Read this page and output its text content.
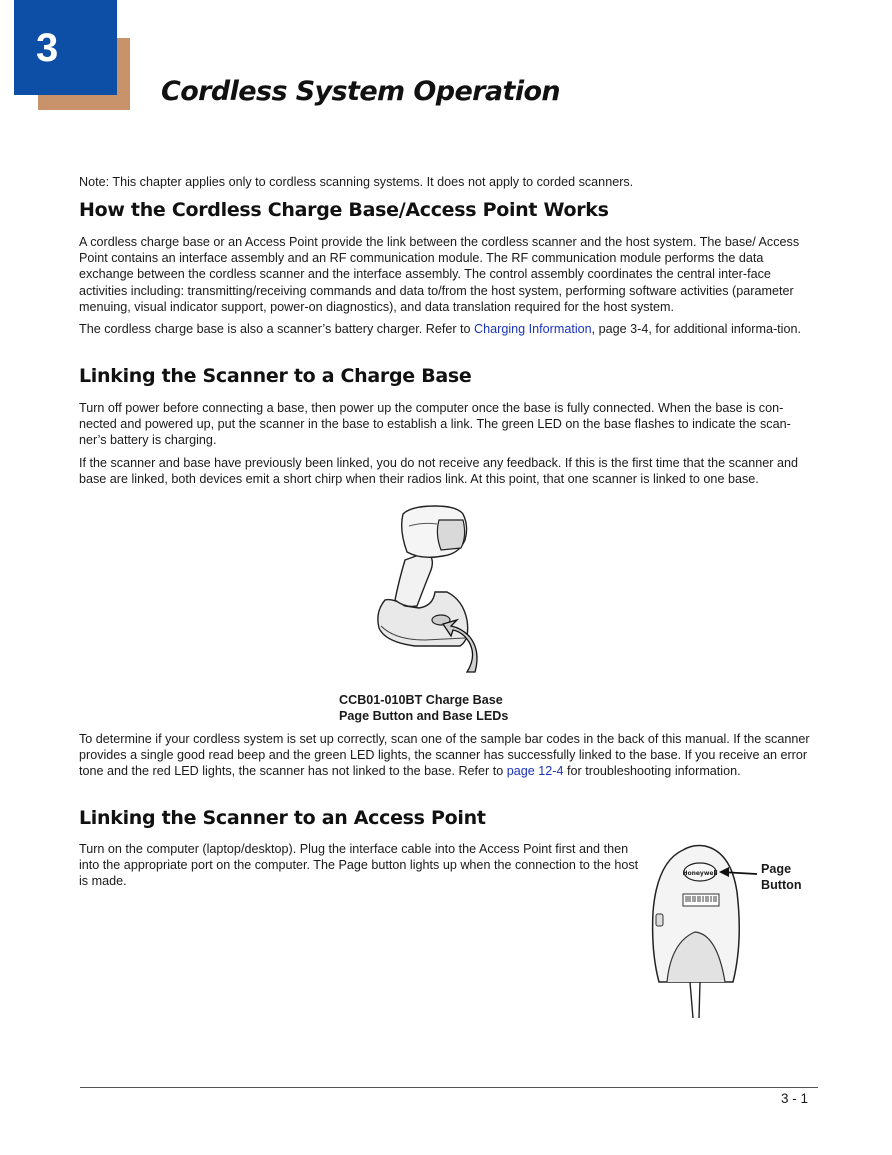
3
Cordless System Operation

Note: This chapter applies only to cordless scanning systems. It does not apply to corded scanners.

How the Cordless Charge Base/Access Point Works

A cordless charge base or an Access Point provide the link between the cordless scanner and the host system. The base/ Access Point contains an interface assembly and an RF communication module. The RF communication module performs the data exchange between the cordless scanner and the interface assembly. The control assembly coordinates the central inter-face activities including: transmitting/receiving commands and data to/from the host system, performing software activities (parameter menuing, visual indicator support, power-on diagnostics), and data translation required for the host system.

The cordless charge base is also a scanner’s battery charger. Refer to Charging Information, page 3-4, for additional informa-tion.

Linking the Scanner to a Charge Base

Turn off power before connecting a base, then power up the computer once the base is fully connected. When the base is con-nected and powered up, put the scanner in the base to establish a link. The green LED on the base flashes to indicate the scan-ner’s battery is charging.

If the scanner and base have previously been linked, you do not receive any feedback. If this is the first time that the scanner and base are linked, both devices emit a short chirp when their radios link. At this point, that one scanner is linked to one base.

CCB01-010BT Charge Base
Page Button and Base LEDs

To determine if your cordless system is set up correctly, scan one of the sample bar codes in the back of this manual. If the scanner provides a single good read beep and the green LED lights, the scanner has successfully linked to the base. If you receive an error tone and the red LED lights, the scanner has not linked to the base. Refer to page 12-4 for troubleshooting information.

Linking the Scanner to an Access Point

Turn on the computer (laptop/desktop). Plug the interface cable into the Access Point first and then into the appropriate port on the computer. The Page button lights up when the connection to the host is made.

Honeywell	Page
Button
3 - 1
